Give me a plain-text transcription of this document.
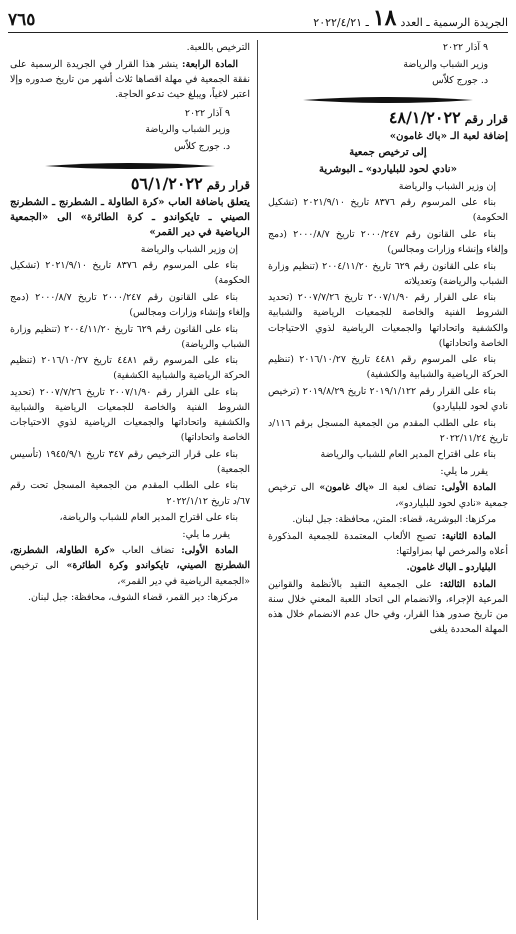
٧٦٥	الجريدة الرسمية ـ العدد
١٨
ـ ٢٠٢٢/٤/٢١

٩ آذار ٢٠٢٢

وزير الشباب والرياضة

د. جورج كلاّس

قرار رقم ٤٨/١/٢٠٢٢

إضافة لعبة الـ «باك غامون»

إلى ترخيص جمعية

«نادي لحود للبلياردو» ـ البوشرية

إن وزير الشباب والرياضة

بناء على المرسوم رقم ٨٣٧٦ تاريخ ٢٠٢١/٩/١٠ (تشكيل الحكومة)

بناء على القانون رقم ٢٠٠٠/٢٤٧ تاريخ ٢٠٠٠/٨/٧ (دمج وإلغاء وإنشاء وزارات ومجالس)

بناء على القانون رقم ٦٢٩ تاريخ ٢٠٠٤/١١/٢٠ (تنظيم وزارة الشباب والرياضة) وتعديلاته

بناء على القرار رقم ٢٠٠٧/١/٩٠ تاريخ ٢٠٠٧/٧/٢٦ (تحديد الشروط الفنية والخاصة للجمعيات الرياضية والشبابية والكشفية واتحاداتها والجمعيات الرياضية لذوي الاحتياجات الخاصة واتحاداتها)

بناء على المرسوم رقم ٤٤٨١ تاريخ ٢٠١٦/١٠/٢٧ (تنظيم الحركة الرياضية والشبابية والكشفية)

بناء على القرار رقم ٢٠١٩/١/١٢٢ تاريخ ٢٠١٩/٨/٢٩ (ترخيص نادي لحود للبلياردو)

بناء على الطلب المقدم من الجمعية المسجل برقم ١١٦/د تاريخ ٢٠٢٢/١١/٢٤

بناء على اقتراح المدير العام للشباب والرياضة

يقرر ما يلي:

المادة الأولى: تضاف لعبة الـ «باك غامون» الى ترخيص جمعية «نادي لحود للبلياردو»،

مركزها: البوشرية، قضاء: المتن، محافظة: جبل لبنان.

المادة الثانية: تصبح الألعاب المعتمدة للجمعية المذكورة أعلاه والمرخص لها بمزاولتها:

البلياردو ـ الباك غامون.

المادة الثالثة: على الجمعية التقيد بالأنظمة والقوانين المرعية الإجراء، والانضمام الى اتحاد اللعبة المعني خلال سنة من تاريخ صدور هذا القرار، وفي حال عدم الانضمام خلال هذه المهلة المحددة يلغى

الترخيص باللعبة.

المادة الرابعة: ينشر هذا القرار في الجريدة الرسمية على نفقة الجمعية في مهلة اقصاها ثلاث أشهر من تاريخ صدوره وإلا اعتبر لاغياً، ويبلغ حيث تدعو الحاجة.

٩ آذار ٢٠٢٢

وزير الشباب والرياضة

د. جورج كلاّس

قرار رقم ٥٦/١/٢٠٢٢

يتعلق باضافة العاب «كرة الطاولة ـ الشطرنج ـ الشطرنج الصيني ـ تايكواندو ـ كرة الطائرة» الى «الجمعية الرياضية في دير القمر»

إن وزير الشباب والرياضة

بناء على المرسوم رقم ٨٣٧٦ تاريخ ٢٠٢١/٩/١٠ (تشكيل الحكومة)

بناء على القانون رقم ٢٠٠٠/٢٤٧ تاريخ ٢٠٠٠/٨/٧ (دمج وإلغاء وإنشاء وزارات ومجالس)

بناء على القانون رقم ٦٢٩ تاريخ ٢٠٠٤/١١/٢٠ (تنظيم وزارة الشباب والرياضة)

بناء على المرسوم رقم ٤٤٨١ تاريخ ٢٠١٦/١٠/٢٧ (تنظيم الحركة الرياضية والشبابية الكشفية)

بناء على القرار رقم ٢٠٠٧/١/٩٠ تاريخ ٢٠٠٧/٧/٢٦ (تحديد الشروط الفنية والخاصة للجمعيات الرياضية والشبابية والكشفية واتحاداتها والجمعيات الرياضية لذوي الاحتياجات الخاصة واتحاداتها)

بناء على قرار الترخيص رقم ٣٤٧ تاريخ ١٩٤٥/٩/١ (تأسيس الجمعية)

بناء على الطلب المقدم من الجمعية المسجل تحت رقم ٦٧/د تاريخ ٢٠٢٢/١/١٢

بناء على اقتراح المدير العام للشباب والرياضة،

يقرر ما يلي:

المادة الأولى: تضاف العاب «كرة الطاولة، الشطرنج، الشطرنج الصيني، تايكواندو وكرة الطائرة» الى ترخيص «الجمعية الرياضية في دير القمر»،

مركزها: دير القمر، قضاء الشوف، محافظة: جبل لبنان.
